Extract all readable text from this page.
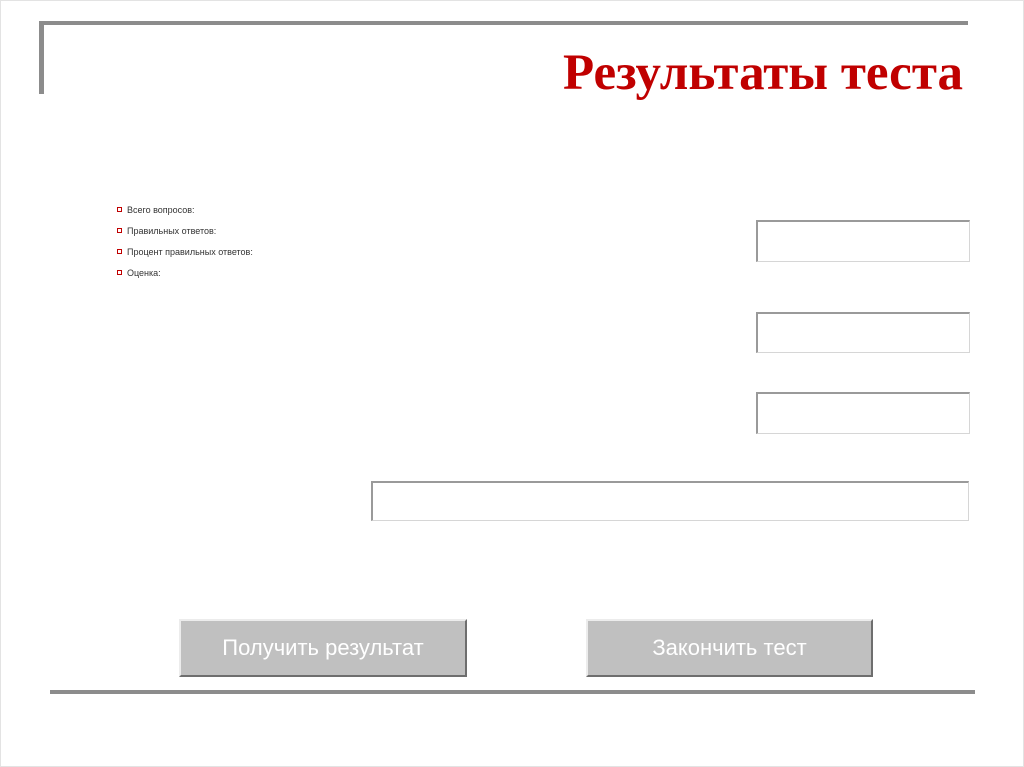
Результаты теста
Всего вопросов:
Правильных ответов:
Процент правильных ответов:
Оценка:
Получить результат	Закончить тест
